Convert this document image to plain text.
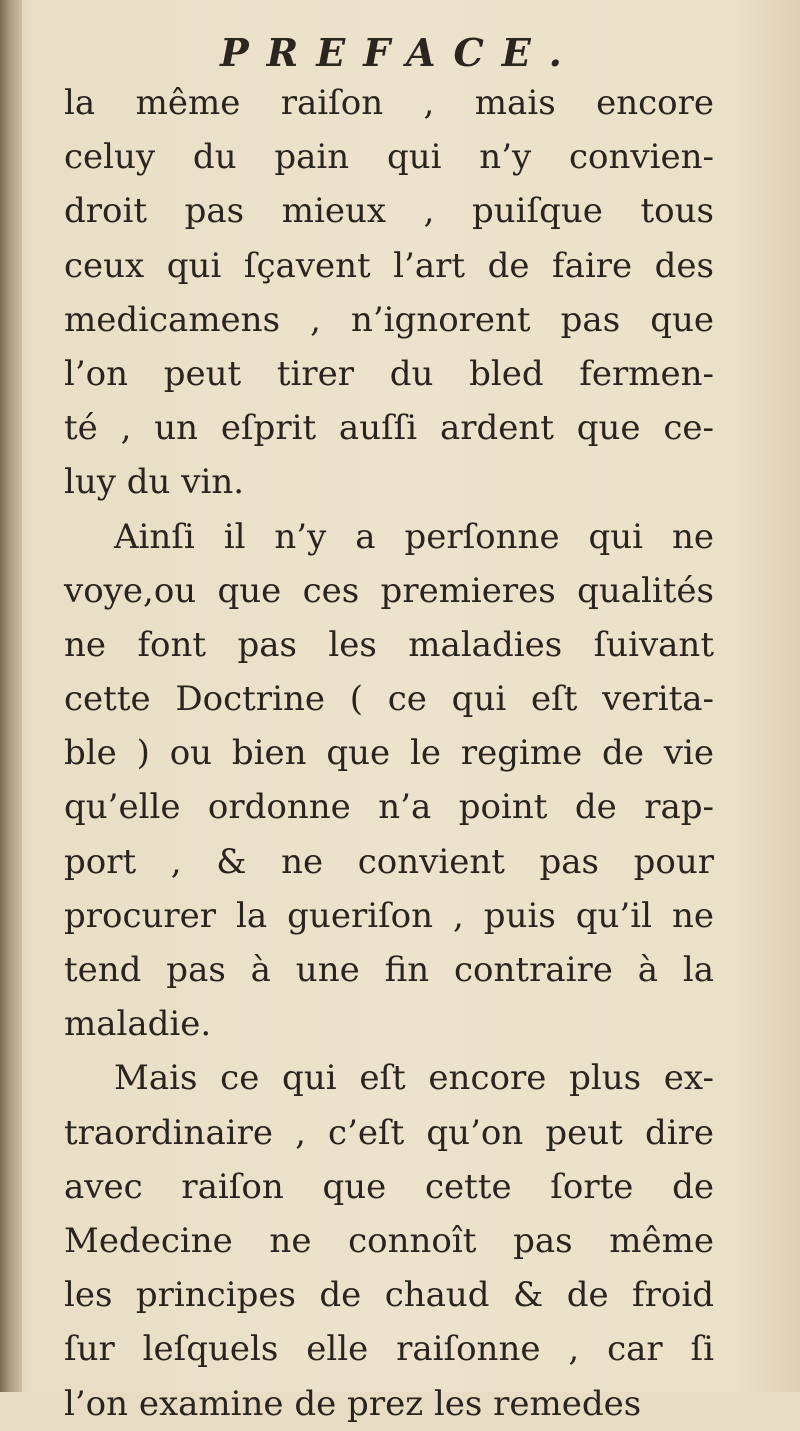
PREFACE.
la même raiſon , mais encore
celuy du pain qui n’y convien-
droit pas mieux , puiſque tous
ceux qui ſçavent l’art de faire des
medicamens , n’ignorent pas que
l’on peut tirer du bled fermen-
té , un eſprit auſſi ardent que ce-
luy du vin.
Ainſi il n’y a perſonne qui ne
voye,ou que ces premieres qualités
ne font pas les maladies ſuivant
cette Doctrine ( ce qui eſt verita-
ble ) ou bien que le regime de vie
qu’elle ordonne n’a point de rap-
port , & ne convient pas pour
procurer la gueriſon , puis qu’il ne
tend pas à une fin contraire à la
maladie.
Mais ce qui eſt encore plus ex-
traordinaire , c’eſt qu’on peut dire
avec raiſon que cette ſorte de
Medecine ne connoît pas même
les principes de chaud & de froid
ſur leſquels elle raiſonne , car ſi
l’on examine de prez les remedes
